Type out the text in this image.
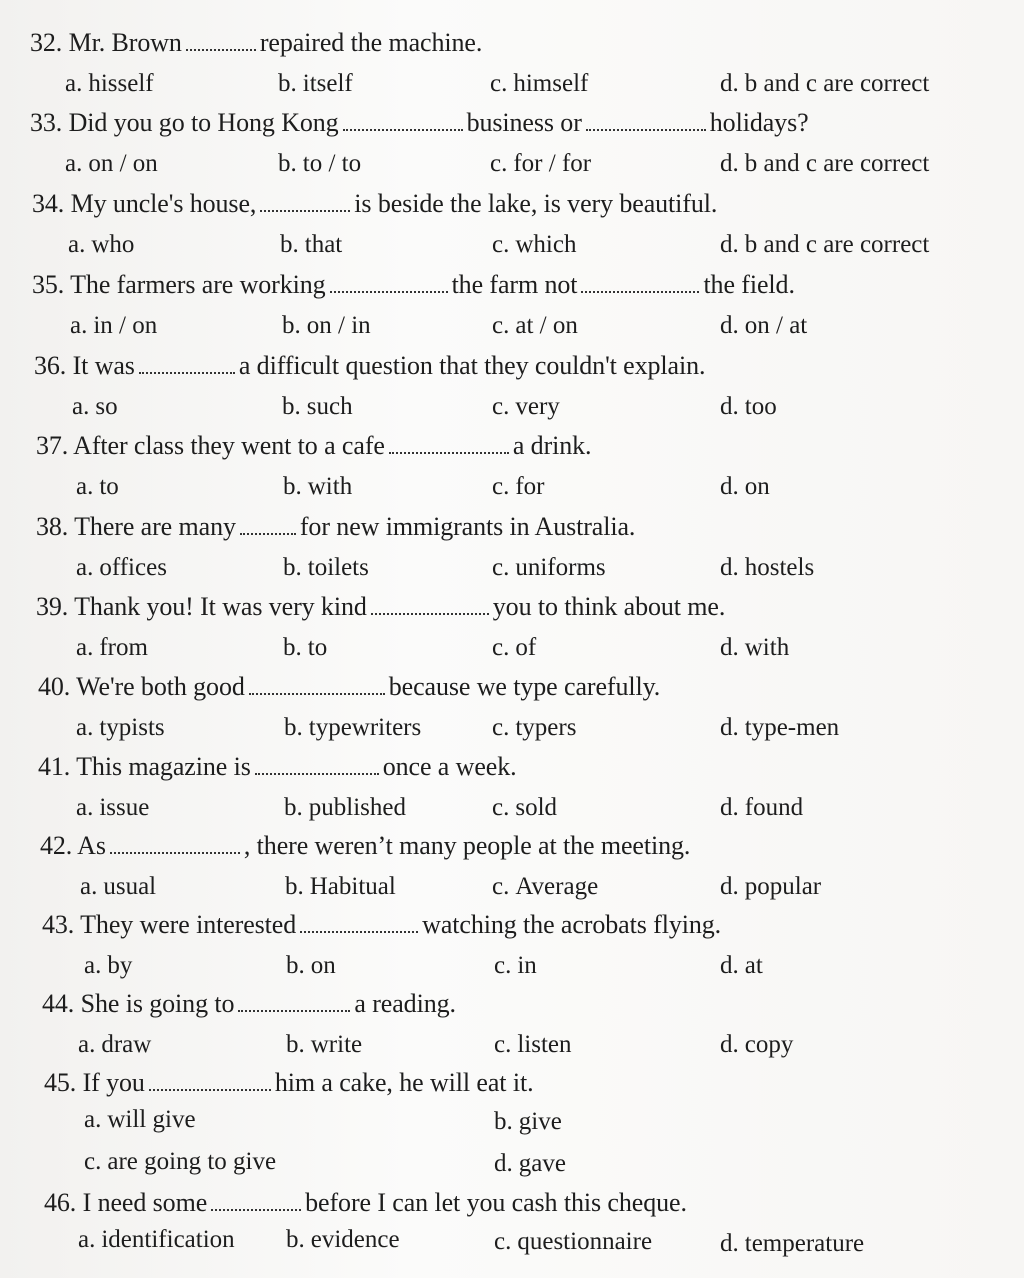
32. Mr. Brown	repaired the machine.
a. hisself	b. itself	c. himself	d. b and c are correct
33. Did you go to Hong Kong	business or	holidays?
a. on / on	b. to / to	c. for / for	d. b and c are correct
34. My uncle's house,	is beside the lake, is very beautiful.
a. who	b. that	c. which	d. b and c are correct
35. The farmers are working	the farm not	the field.
a. in / on	b. on / in	c. at / on	d. on / at
36. It was	a difficult question that they couldn't explain.
a. so	b. such	c. very	d. too
37. After class they went to a cafe	a drink.
a. to	b. with	c. for	d. on
38. There are many for new immigrants in Australia.
a. offices	b. toilets	c. uniforms	d. hostels
39. Thank you! It was very kind	you to think about me.
a. from	b. to	c. of	d. with
40. We're both good	because we type carefully.
a. typists	b. typewriters	c. typers	d. type-men
41. This magazine is	once a week.
a. issue	b. published	c. sold	d. found
42. As	, there weren’t many people at the meeting.
a. usual	b. Habitual	c. Average	d. popular
43. They were interested	watching the acrobats flying.
a. by	b. on	c. in	d. at
44. She is going to	a reading.
a. draw	b. write	c. listen	d. copy
45. If you	him a cake, he will eat it.
a. will give	b. give
c. are going to give	d. gave
46. I need some	before I can let you cash this cheque.
a. identification b. evidence	c. questionnaire	d. temperature
